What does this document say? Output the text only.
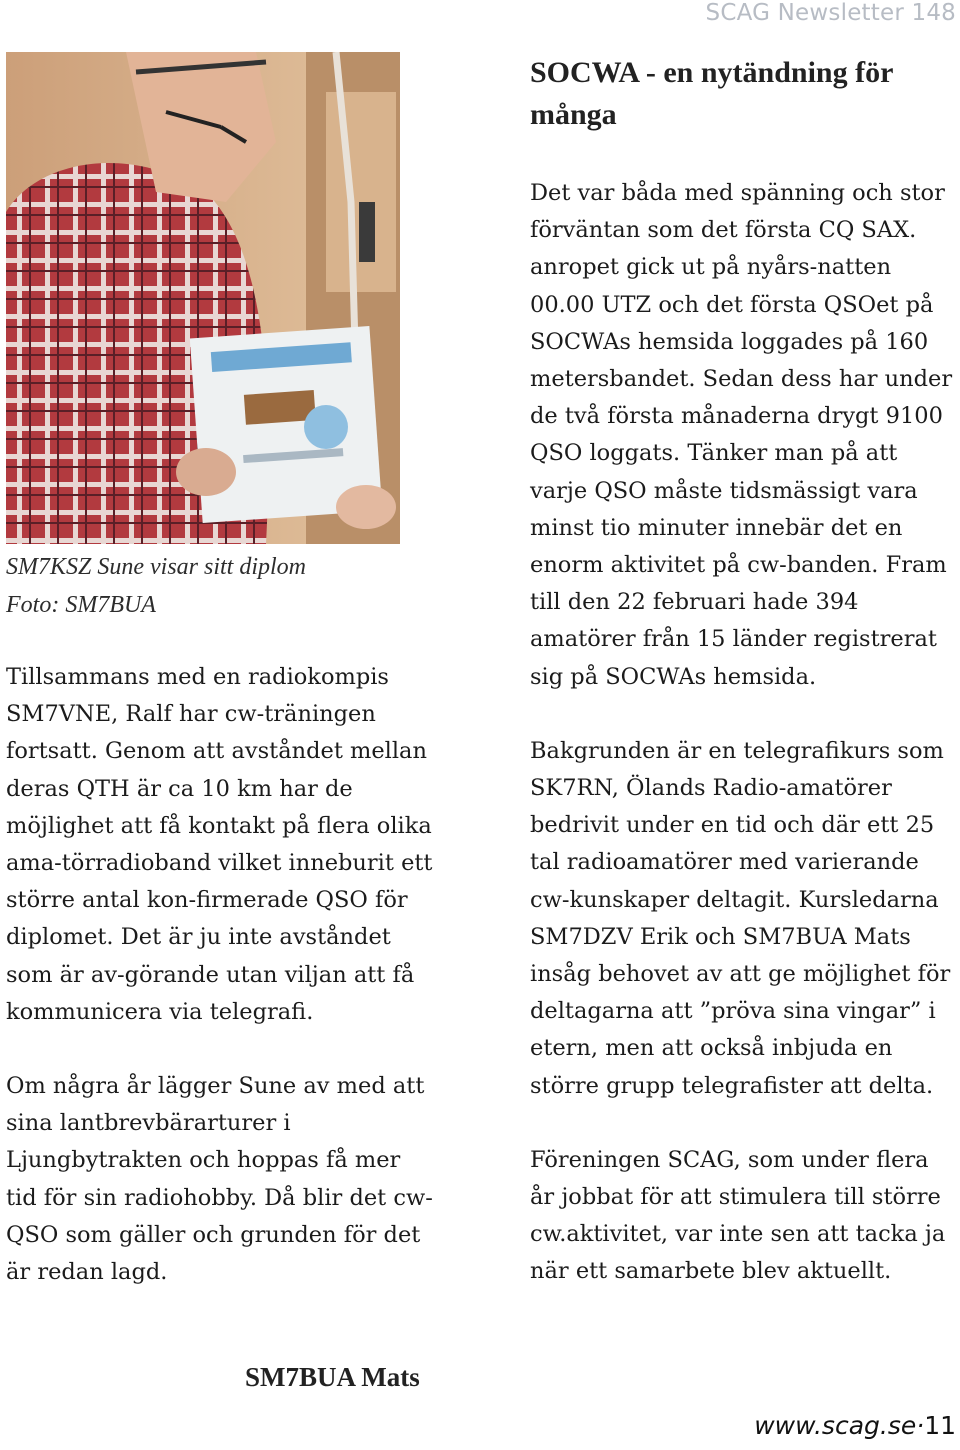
SCAG Newsletter 148
SM7KSZ Sune visar sitt diplom
Foto: SM7BUA

Tillsammans med en radiokompis SM7VNE, Ralf har cw-träningen fortsatt. Genom att avståndet mellan deras QTH är ca 10 km har de möjlighet att få kontakt på flera olika ama-törradioband vilket inneburit ett större antal kon-firmerade QSO för diplomet. Det är ju inte avståndet som är av-görande utan viljan att få kommunicera via telegrafi.

Om några år lägger Sune av med att sina lantbrevbärarturer i Ljungbytrakten och hoppas få mer tid för sin radiohobby. Då blir det cw-QSO som gäller och grunden för det är redan lagd.

SM7BUA Mats
SOCWA - en nytändning för många

Det var båda med spänning och stor förväntan som det första CQ SAX. anropet gick ut på nyårs-natten 00.00 UTZ och det första QSOet på SOCWAs hemsida loggades på 160 metersbandet. Sedan dess har under de två första månaderna drygt 9100 QSO loggats. Tänker man på att varje QSO måste tidsmässigt vara minst tio minuter innebär det en enorm aktivitet på cw-banden. Fram till den 22 februari hade 394 amatörer från 15 länder registrerat sig på SOCWAs hemsida.

Bakgrunden är en telegrafikurs som SK7RN, Ölands Radio-amatörer bedrivit under en tid och där ett 25 tal radioamatörer med varierande cw-kunskaper deltagit. Kursledarna SM7DZV Erik och SM7BUA Mats insåg behovet av att ge möjlighet för deltagarna att ”pröva sina vingar” i etern, men att också inbjuda en större grupp telegrafister att delta.

Föreningen SCAG, som under flera år jobbat för att stimulera till större cw.aktivitet, var inte sen att tacka ja när ett samarbete blev aktuellt.

www.scag.se·11
